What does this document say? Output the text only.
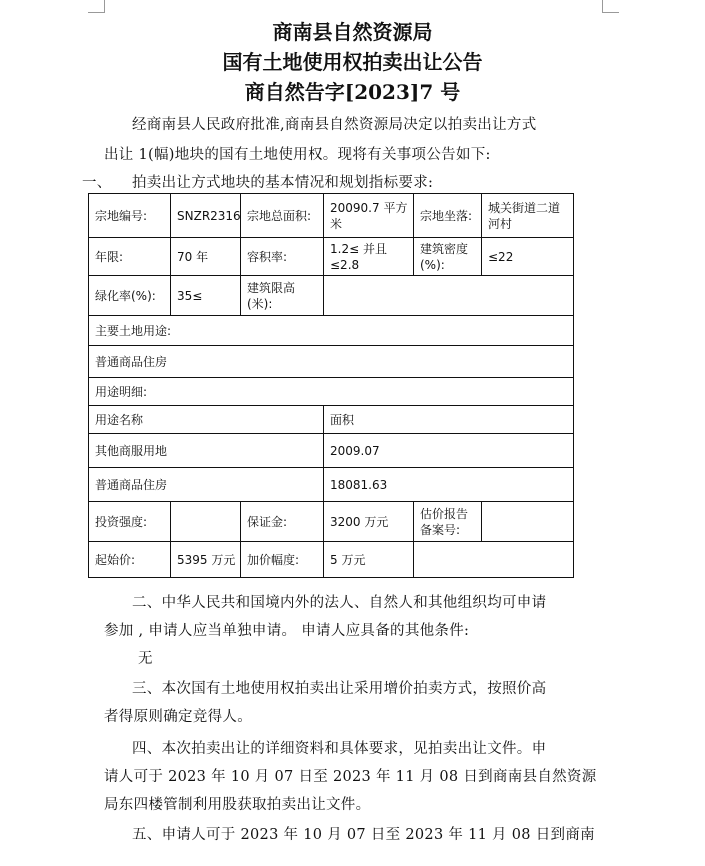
商南县自然资源局
国有土地使用权拍卖出让公告
商自然告字[2023]7 号
经商南县人民政府批准,商南县自然资源局决定以拍卖出让方式
出让 1(幅)地块的国有土地使用权。现将有关事项公告如下:
一、 拍卖出让方式地块的基本情况和规划指标要求:
宗地编号:	SNZR2316	宗地总面积:	20090.7 平方米	宗地坐落:	城关街道二道河村
年限:	70 年	容积率:	1.2≤ 并且 ≤2.8	建筑密度(%):	≤22
绿化率(%):	35≤	建筑限高(米):			
主要土地用途:					
普通商品住房					
用途明细:					
用途名称			面积		
其他商服用地			2009.07		
普通商品住房			18081.63		
投资强度:		保证金:	3200 万元	估价报告备案号:	
起始价:	5395 万元	加价幅度:	5 万元		
二、中华人民共和国境内外的法人、自然人和其他组织均可申请
参加 , 申请人应当单独申请。 申请人应具备的其他条件:
无
三、本次国有土地使用权拍卖出让采用增价拍卖方式，按照价高
者得原则确定竞得人。
四、本次拍卖出让的详细资料和具体要求，见拍卖出让文件。申
请人可于 2023 年 10 月 07 日至 2023 年 11 月 08 日到商南县自然资源
局东四楼管制利用股获取拍卖出让文件。
五、申请人可于 2023 年 10 月 07 日至 2023 年 11 月 08 日到商南
